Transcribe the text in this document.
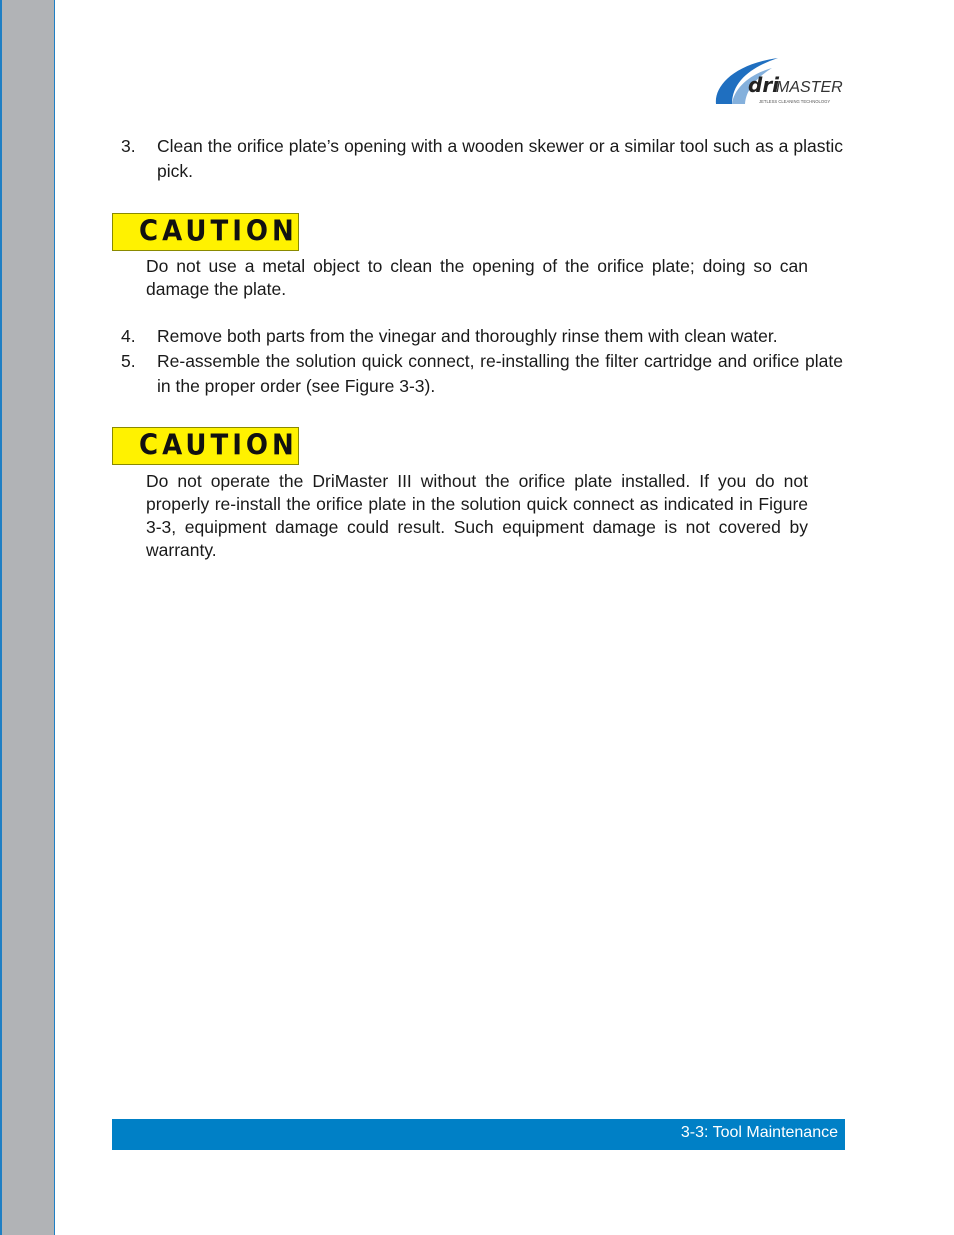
dri
MASTER
JETLESS CLEANING TECHNOLOGY
3.	Clean the orifice plate’s opening with a wooden skewer or a similar tool such as a plastic pick.
CAUTION
Do not use a metal object to clean the opening of the orifice plate; doing so can damage the plate.
4.	Remove both parts from the vinegar and thoroughly rinse them with clean water.
5.	Re-assemble the solution quick connect, re-installing the filter cartridge and orifice plate in the proper order (see Figure 3-3).
CAUTION
Do not operate the DriMaster III without the orifice plate installed. If you do not properly re-install the orifice plate in the solution quick connect as indicated in Figure 3-3, equipment damage could result. Such equipment damage is not covered by warranty.
3-3: Tool Maintenance
